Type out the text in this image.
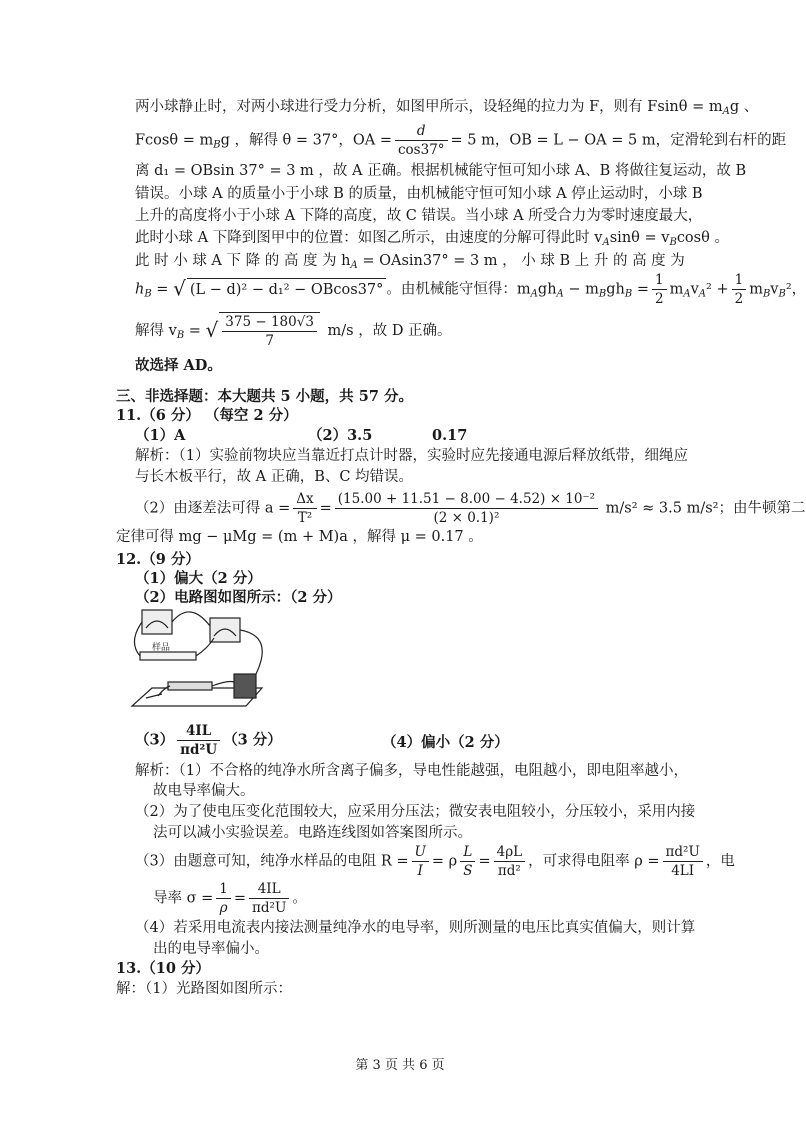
两小球静止时，对两小球进行受力分析，如图甲所示，设轻绳的拉力为 F，则有 $Fsin\theta = m_Ag$ 、
$Fcos\theta = m_Bg$ ，解得 θ = 37°，OA = $\frac{d}{\cos 37^\circ} = 5$ m，OB = L − OA = 5 m，定滑轮到右杆的距
离 d₁ = OBsin 37° = 3 m ，故 A 正确。根据机械能守恒可知小球 A、B 将做往复运动，故 B
错误。小球 A 的质量小于小球 B 的质量，由机械能守恒可知小球 A 停止运动时，小球 B
上升的高度将小于小球 A 下降的高度，故 C 错误。当小球 A 所受合力为零时速度最大，
此时小球 A 下降到图甲中的位置：如图乙所示，由速度的分解可得此时 $v_A\sin\theta = v_B\cos\theta$ 。
此 时 小 球 A 下 降 的 高 度 为 $h_A = OAsin37^\circ = 3$ m ， 小 球 B 上 升 的 高 度 为
$h_B$ = √ (L − d)² − d₁² − OBcos37° 。由机械能守恒得：$m_Agh_A - m_Bgh_B = \frac{1}{2} m_Av_A^2 + \frac{1}{2} m_Bv_B^2$，
解得 $v_B$ = √ $\frac{375 - 180√3}{7} m/s$ ，故 D 正确。
故选择 AD。
三、非选择题：本大题共 5 小题，共 57 分。
11.（6 分） （每空 2 分）
（1）A	（2）3.5	0.17
解析：（1）实验前物块应当靠近打点计时器，实验时应先接通电源后释放纸带，细绳应
与长木板平行，故 A 正确，B、C 均错误。
（2）由逐差法可得 $a = \frac{\Delta x}{\text{T²}} = \frac{\text{(15.00 + 11.51 − 8.00 − 4.52) × 10⁻²}}{\text{(2 × 0.1)²}} m/s^2 \approx 3.5$ m/s²；由牛顿第二
定律可得 mg − μMg = (m + M)a ，解得 μ = 0.17 。
12.（9 分）
（1）偏大（2 分）
（2）电路图如图所示：（2 分）
样品
$(3) \frac{4IL}{\text{πd²U}} (3$ 分）	（4）偏小（2 分）
解析：（1）不合格的纯净水所含离子偏多，导电性能越强，电阻越小，即电阻率越小，
故电导率偏大。
（2）为了使电压变化范围较大，应采用分压法；微安表电阻较小，分压较小，采用内接
法可以减小实验误差。电路连线图如答案图所示。
（3）由题意可知，纯净水样品的电阻 $R = \frac{U}{I} = \rho \frac{L}{S} = \frac{4\rho L}{\text{πd²}}$ ，可求得电阻率 $\rho = \frac{\text{πd²U}}{4LI}$ ，电
导率 $\sigma = \frac{1}{\rho} = \frac{4IL}{\text{πd²U}}$ 。
（4）若采用电流表内接法测量纯净水的电导率，则所测量的电压比真实值偏大，则计算
出的电导率偏小。
13.（10 分）
解：（1）光路图如图所示：
第 3 页 共 6 页
